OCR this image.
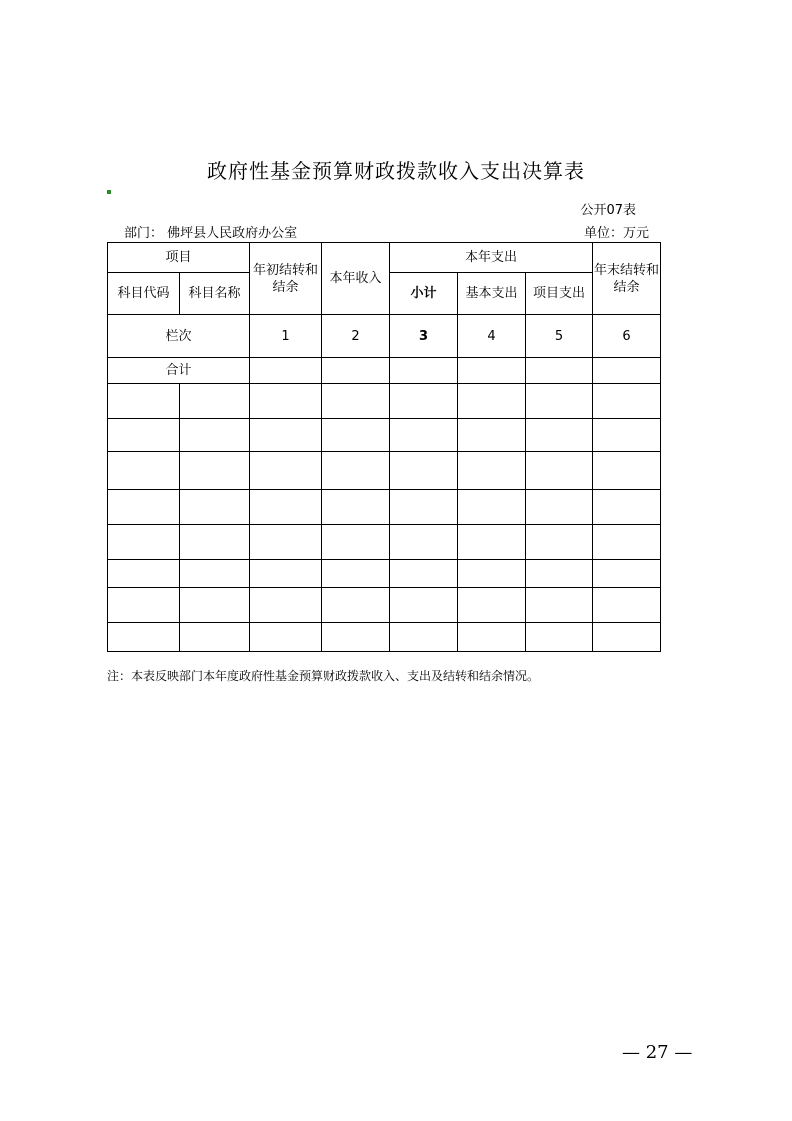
政府性基金预算财政拨款收入支出决算表
公开07表
部门： 佛坪县人民政府办公室	单位：万元
项目		年初结转和结余	本年收入	本年支出			年末结转和结余
科目代码	科目名称			小计	基本支出	项目支出	
栏次		1	2	3	4	5	6
合计							

注：本表反映部门本年度政府性基金预算财政拨款收入、支出及结转和结余情况。
— 27 —
